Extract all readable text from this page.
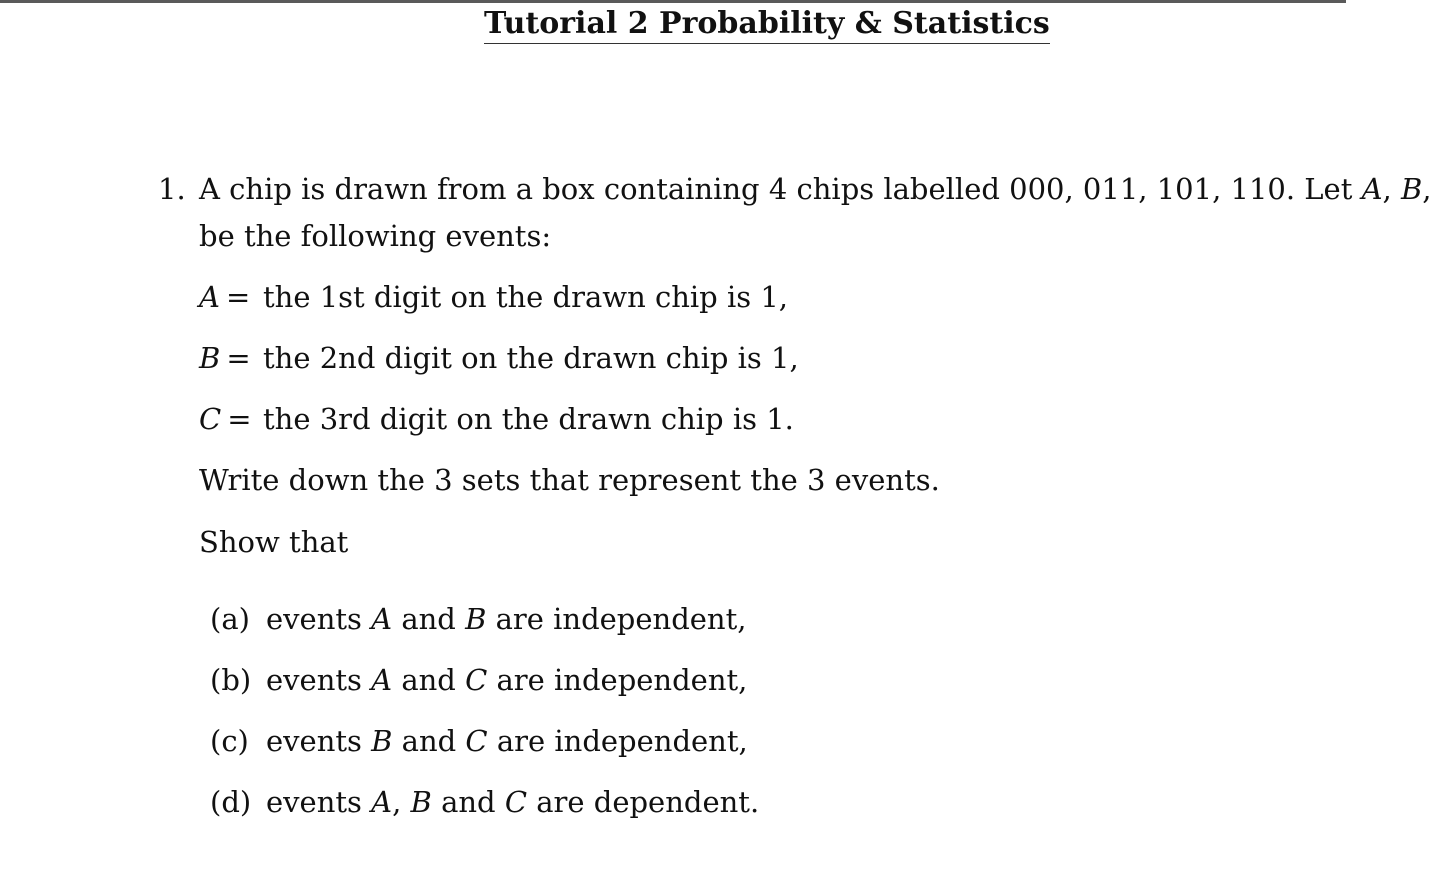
Tutorial 2 Probability & Statistics
1. A chip is drawn from a box containing 4 chips labelled 000, 011, 101, 110. Let A, B,
be the following events:
A = the 1st digit on the drawn chip is 1,
B = the 2nd digit on the drawn chip is 1,
C = the 3rd digit on the drawn chip is 1.
Write down the 3 sets that represent the 3 events.
Show that
(a) events A and B are independent,
(b) events A and C are independent,
(c) events B and C are independent,
(d) events A, B and C are dependent.
